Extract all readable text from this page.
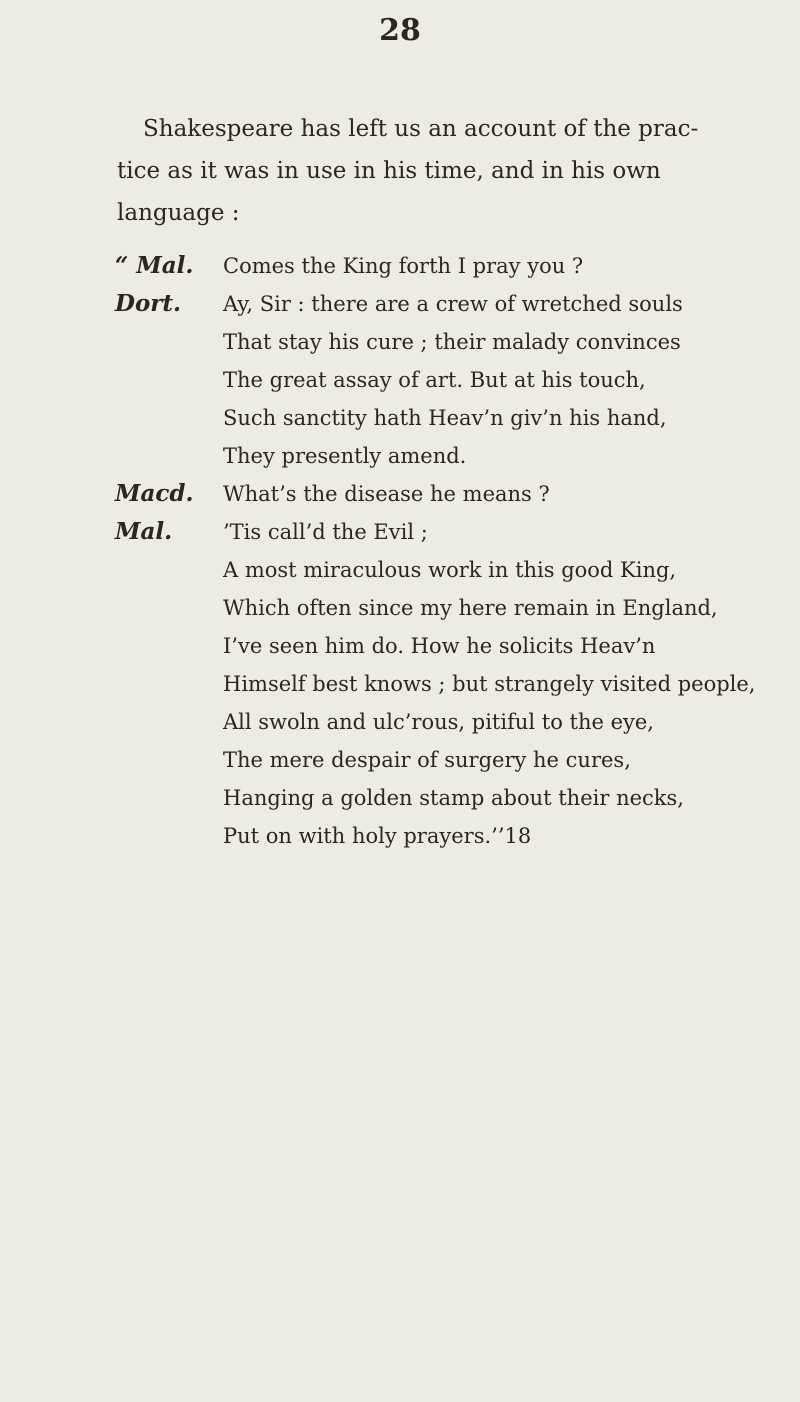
28
Shakespeare has left us an account of the prac-
tice as it was in use in his time, and in his own
language :
“ Mal. Comes the King forth I pray you ?
Dort. Ay, Sir : there are a crew of wretched souls
That stay his cure ; their malady convinces
The great assay of art. But at his touch,
Such sanctity hath Heav’n giv’n his hand,
They presently amend.
Macd. What’s the disease he means ?
Mal. ’Tis call’d the Evil ;
A most miraculous work in this good King,
Which often since my here remain in England,
I’ve seen him do. How he solicits Heav’n
Himself best knows ; but strangely visited people,
All swoln and ulc’rous, pitiful to the eye,
The mere despair of surgery he cures,
Hanging a golden stamp about their necks,
Put on with holy prayers.’’18
